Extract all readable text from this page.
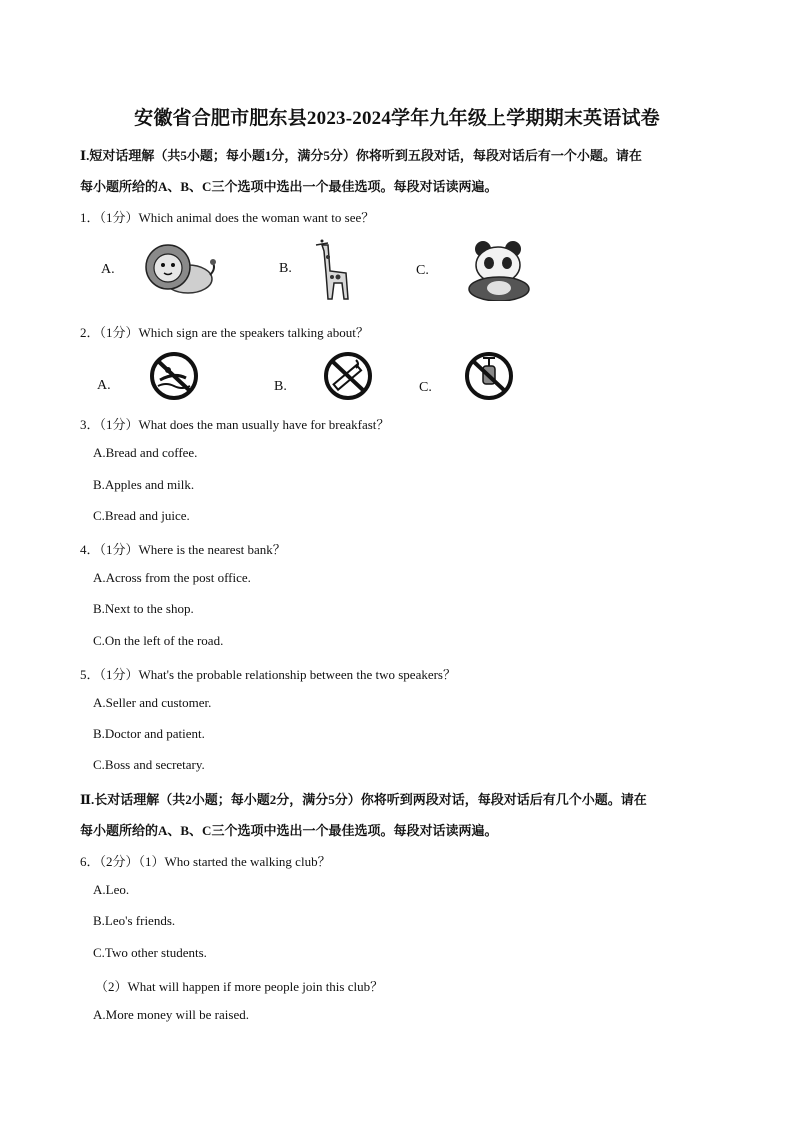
安徽省合肥市肥东县2023-2024学年九年级上学期期末英语试卷
Ⅰ.短对话理解（共5小题；每小题1分，满分5分）你将听到五段对话，每段对话后有一个小题。请在
每小题所给的A、B、C三个选项中选出一个最佳选项。每段对话读两遍。
1．（1分）Which animal does the woman want to see？
A.	B.	C.
2．（1分）Which sign are the speakers talking about？
A.	B.	C.
3．（1分）What does the man usually have for breakfast？
A.Bread and coffee.
B.Apples and milk.
C.Bread and juice.
4．（1分）Where is the nearest bank？
A.Across from the post office.
B.Next to the shop.
C.On the left of the road.
5．（1分）What's the probable relationship between the two speakers？
A.Seller and customer.
B.Doctor and patient.
C.Boss and secretary.
Ⅱ.长对话理解（共2小题；每小题2分，满分5分）你将听到两段对话，每段对话后有几个小题。请在
每小题所给的A、B、C三个选项中选出一个最佳选项。每段对话读两遍。
6．（2分）（1）Who started the walking club？
A.Leo.
B.Leo's friends.
C.Two other students.
（2）What will happen if more people join this club？
A.More money will be raised.
